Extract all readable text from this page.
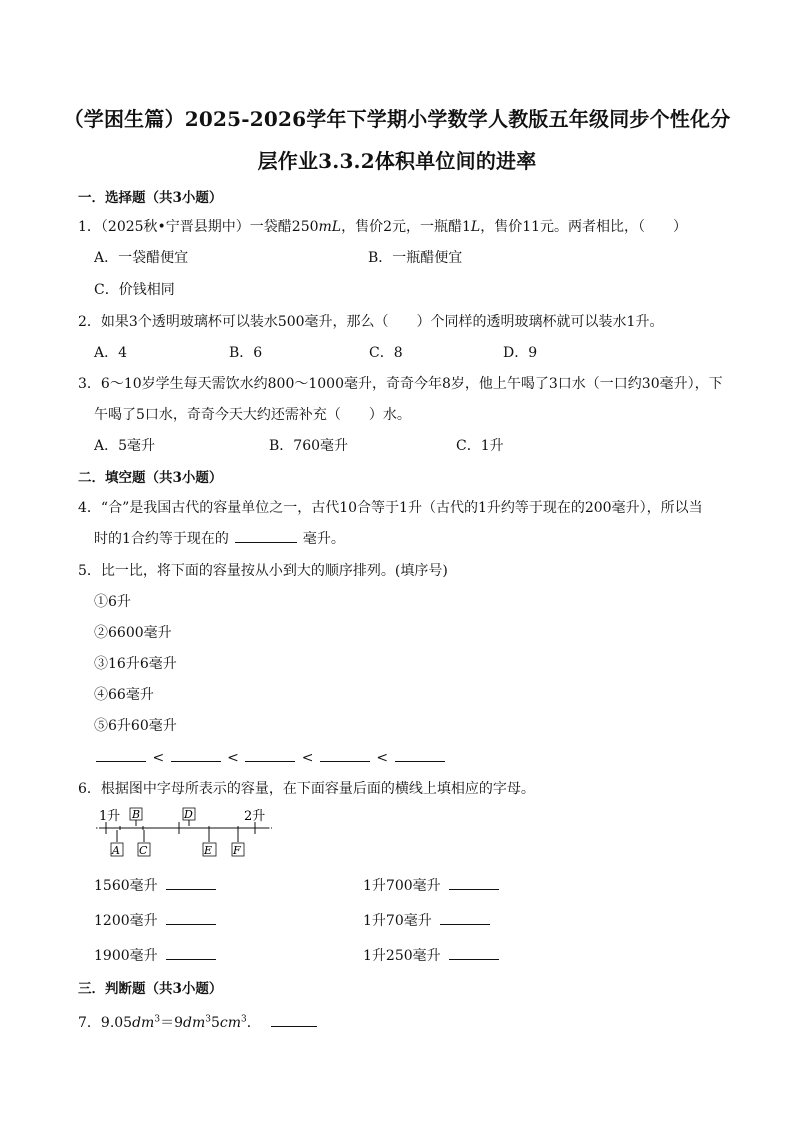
（学困生篇）2025-2026学年下学期小学数学人教版五年级同步个性化分
层作业3.3.2体积单位间的进率
一．选择题（共3小题）
1．（2025秋•宁晋县期中）一袋醋250mL，售价2元，一瓶醋1L，售价11元。两者相比，（ ）
A．一袋醋便宜	B．一瓶醋便宜
C．价钱相同
2．如果3个透明玻璃杯可以装水500毫升，那么（ ）个同样的透明玻璃杯就可以装水1升。
A．4	B．6	C．8	D．9
3．6～10岁学生每天需饮水约800～1000毫升，奇奇今年8岁，他上午喝了3口水（一口约30毫升），下
午喝了5口水，奇奇今天大约还需补充（ ）水。
A．5毫升	B．760毫升	C．1升
二．填空题（共3小题）
4．“合”是我国古代的容量单位之一，古代10合等于1升（古代的1升约等于现在的200毫升），所以当
时的1合约等于现在的	毫升。
5．比一比，将下面的容量按从小到大的顺序排列。(填序号)
①6升
②6600毫升
③16升6毫升
④66毫升
⑤6升60毫升
<	<	<	<
6．根据图中字母所表示的容量，在下面容量后面的横线上填相应的字母。
1升	2升
B	D
A C	E F
1560毫升	1升700毫升
1200毫升	1升70毫升
1900毫升	1升250毫升
三．判断题（共3小题）
7．$9.05dm^3=9dm^35cm^3$．
